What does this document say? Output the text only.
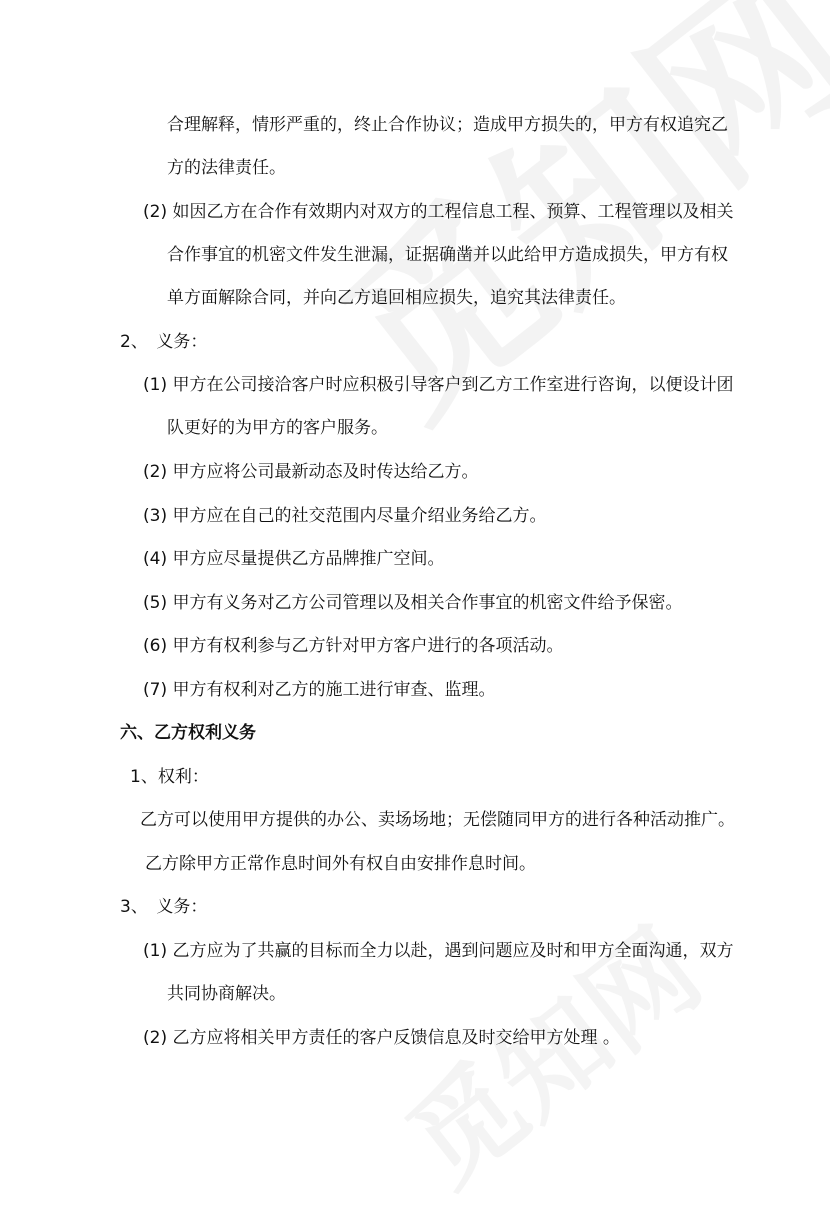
合理解释，情形严重的，终止合作协议；造成甲方损失的，甲方有权追究乙
方的法律责任。
(2) 如因乙方在合作有效期内对双方的工程信息工程、预算、工程管理以及相关
合作事宜的机密文件发生泄漏，证据确凿并以此给甲方造成损失，甲方有权
单方面解除合同，并向乙方追回相应损失，追究其法律责任。
2、　义务：
(1) 甲方在公司接洽客户时应积极引导客户到乙方工作室进行咨询，以便设计团
队更好的为甲方的客户服务。
(2) 甲方应将公司最新动态及时传达给乙方。
(3) 甲方应在自己的社交范围内尽量介绍业务给乙方。
(4) 甲方应尽量提供乙方品牌推广空间。
(5) 甲方有义务对乙方公司管理以及相关合作事宜的机密文件给予保密。
(6) 甲方有权利参与乙方针对甲方客户进行的各项活动。
(7) 甲方有权利对乙方的施工进行审查、监理。
六、乙方权利义务
1、权利：
乙方可以使用甲方提供的办公、卖场场地；无偿随同甲方的进行各种活动推广。
乙方除甲方正常作息时间外有权自由安排作息时间。
3、　义务：
(1) 乙方应为了共赢的目标而全力以赴，遇到问题应及时和甲方全面沟通，双方
共同协商解决。
(2) 乙方应将相关甲方责任的客户反馈信息及时交给甲方处理 。
